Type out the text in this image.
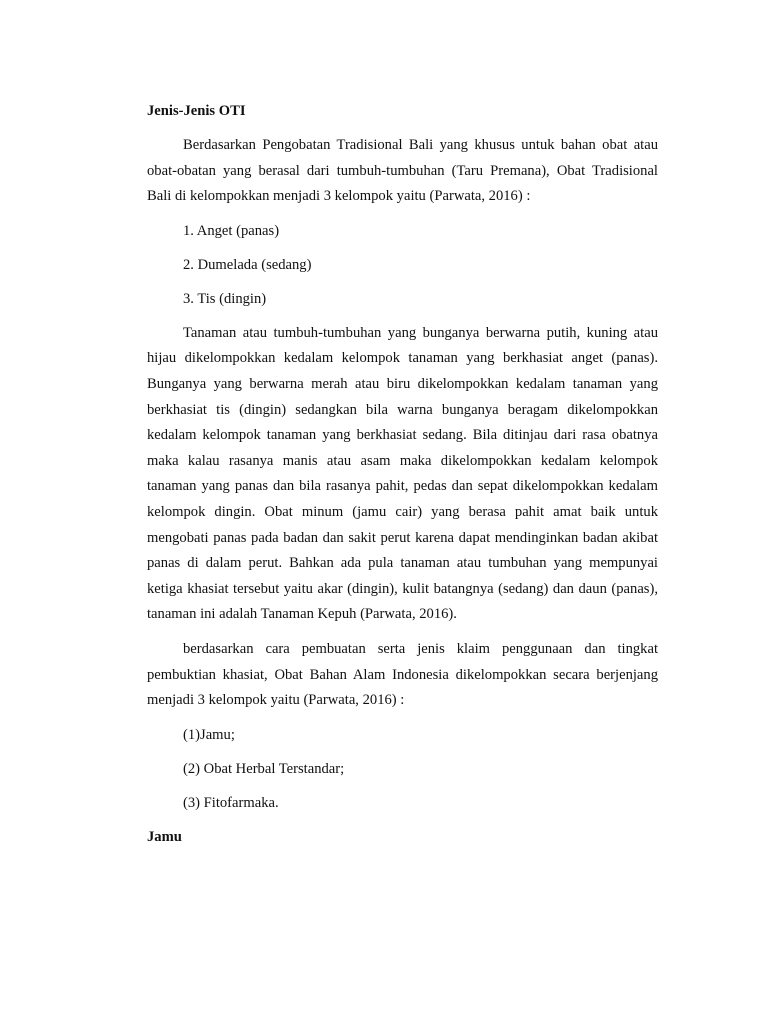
Jenis-Jenis OTI

Berdasarkan Pengobatan Tradisional Bali yang khusus untuk bahan obat atau obat-obatan yang berasal dari tumbuh-tumbuhan (Taru Premana), Obat Tradisional Bali di kelompokkan menjadi 3 kelompok yaitu (Parwata, 2016) :

1. Anget (panas)

2. Dumelada (sedang)

3. Tis (dingin)

Tanaman atau tumbuh-tumbuhan yang bunganya berwarna putih, kuning atau hijau dikelompokkan kedalam kelompok tanaman yang berkhasiat anget (panas). Bunganya yang berwarna merah atau biru dikelompokkan kedalam tanaman yang berkhasiat tis (dingin) sedangkan bila warna bunganya beragam dikelompokkan kedalam kelompok tanaman yang berkhasiat sedang. Bila ditinjau dari rasa obatnya maka kalau rasanya manis atau asam maka dikelompokkan kedalam kelompok tanaman yang panas dan bila rasanya pahit, pedas dan sepat dikelompokkan kedalam kelompok dingin. Obat minum (jamu cair) yang berasa pahit amat baik untuk mengobati panas pada badan dan sakit perut karena dapat mendinginkan badan akibat panas di dalam perut. Bahkan ada pula tanaman atau tumbuhan yang mempunyai ketiga khasiat tersebut yaitu akar (dingin), kulit batangnya (sedang) dan daun (panas), tanaman ini adalah Tanaman Kepuh (Parwata, 2016).

berdasarkan cara pembuatan serta jenis klaim penggunaan dan tingkat pembuktian khasiat, Obat Bahan Alam Indonesia dikelompokkan secara berjenjang menjadi 3 kelompok yaitu (Parwata, 2016) :

(1)Jamu;

(2) Obat Herbal Terstandar;

(3) Fitofarmaka.

Jamu
